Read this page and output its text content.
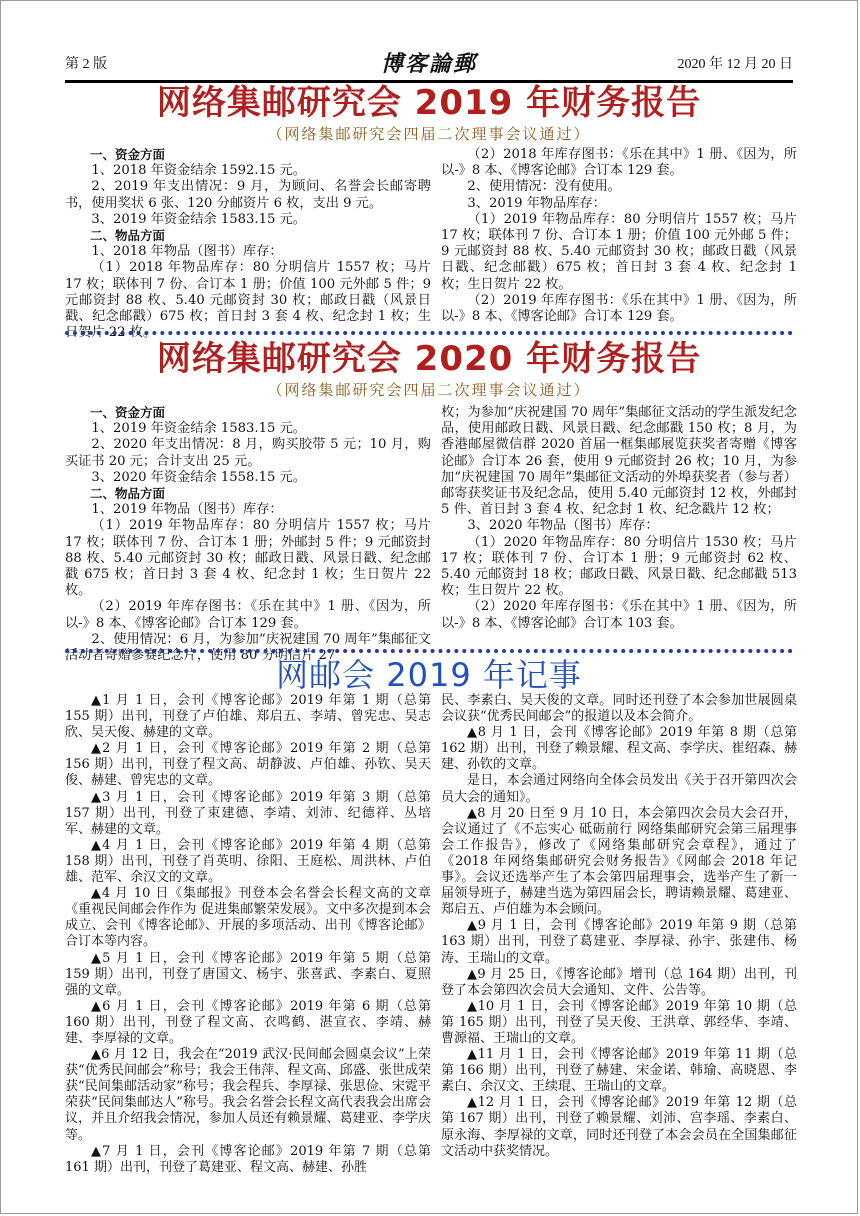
第 2 版	博客論郵	2020 年 12 月 20 日
网络集邮研究会 2019 年财务报告
（网络集邮研究会四届二次理事会议通过）

一、资金方面

1、2018 年资金结余 1592.15 元。

2、2019 年支出情况：9 月，为顾问、名誉会长邮寄聘书，使用奖状 6 张、120 分邮资片 6 枚，支出 9 元。

3、2019 年资金结余 1583.15 元。

二、物品方面

1、2018 年物品（图书）库存：

（1）2018 年物品库存：80 分明信片 1557 枚；马片 17 枚；联体刊 7 份、合订本 1 册；价值 100 元外邮 5 件；9 元邮资封 88 枚、5.40 元邮资封 30 枚；邮政日戳（风景日戳、纪念邮戳）675 枚；首日封 3 套 4 枚、纪念封 1 枚；生日贺片 22 枚。

（2）2018 年库存图书：《乐在其中》1 册、《因为，所以-》8 本、《博客论邮》合订本 129 套。

2、使用情况：没有使用。

3、2019 年物品库存：

（1）2019 年物品库存：80 分明信片 1557 枚；马片 17 枚；联体刊 7 份、合订本 1 册；价值 100 元外邮 5 件；9 元邮资封 88 枚、5.40 元邮资封 30 枚；邮政日戳（风景日戳、纪念邮戳）675 枚；首日封 3 套 4 枚、纪念封 1 枚；生日贺片 22 枚。

（2）2019 年库存图书：《乐在其中》1 册、《因为，所以-》8 本、《博客论邮》合订本 129 套。

网络集邮研究会 2020 年财务报告
（网络集邮研究会四届二次理事会议通过）

一、资金方面

1、2019 年资金结余 1583.15 元。

2、2020 年支出情况：8 月，购买胶带 5 元；10 月，购买证书 20 元；合计支出 25 元。

3、2020 年资金结余 1558.15 元。

二、物品方面

1、2019 年物品（图书）库存：

（1）2019 年物品库存：80 分明信片 1557 枚；马片 17 枚；联体刊 7 份、合订本 1 册；外邮封 5 件；9 元邮资封 88 枚、5.40 元邮资封 30 枚；邮政日戳、风景日戳、纪念邮戳 675 枚；首日封 3 套 4 枚、纪念封 1 枚；生日贺片 22 枚。

（2）2019 年库存图书：《乐在其中》1 册、《因为，所以-》8 本、《博客论邮》合订本 129 套。

2、使用情况：6 月，为参加“庆祝建国 70 周年”集邮征文活动者寄赠参赛纪念片，使用 80 分明信片 27

枚；为参加“庆祝建国 70 周年”集邮征文活动的学生派发纪念品，使用邮政日戳、风景日戳、纪念邮戳 150 枚；8 月，为香港邮屋微信群 2020 首届一框集邮展览获奖者寄赠《博客论邮》合订本 26 套，使用 9 元邮资封 26 枚；10 月，为参加“庆祝建国 70 周年”集邮征文活动的外埠获奖者（参与者）邮寄获奖证书及纪念品，使用 5.40 元邮资封 12 枚，外邮封 5 件、首日封 3 套 4 枚、纪念封 1 枚、纪念戳片 12 枚；

3、2020 年物品（图书）库存：

（1）2020 年物品库存：80 分明信片 1530 枚；马片 17 枚；联体刊 7 份、合订本 1 册；9 元邮资封 62 枚、5.40 元邮资封 18 枚；邮政日戳、风景日戳、纪念邮戳 513 枚；生日贺片 22 枚。

（2）2020 年库存图书：《乐在其中》1 册、《因为，所以-》8 本、《博客论邮》合订本 103 套。

网邮会 2019 年记事

▲1 月 1 日，会刊《博客论邮》2019 年第 1 期（总第 155 期）出刊，刊登了卢伯雄、郑启五、李靖、曾宪忠、吴志欣、吴天俊、赫建的文章。

▲2 月 1 日，会刊《博客论邮》2019 年第 2 期（总第 156 期）出刊，刊登了程文高、胡静波、卢伯雄、孙钦、吴天俊、赫建、曾宪忠的文章。

▲3 月 1 日，会刊《博客论邮》2019 年第 3 期（总第 157 期）出刊，刊登了束建德、李靖、刘沛、纪德祥、丛培军、赫建的文章。

▲4 月 1 日，会刊《博客论邮》2019 年第 4 期（总第 158 期）出刊，刊登了肖英明、徐阳、王庭松、周洪林、卢伯雄、范军、余汉文的文章。

▲4 月 10 日《集邮报》刊登本会名誉会长程文高的文章《重视民间邮会作作为 促进集邮繁荣发展》。文中多次提到本会成立、会刊《博客论邮》、开展的多项活动、出刊《博客论邮》合订本等内容。

▲5 月 1 日，会刊《博客论邮》2019 年第 5 期（总第 159 期）出刊，刊登了唐国文、杨宇、张喜武、李素白、夏照强的文章。

▲6 月 1 日，会刊《博客论邮》2019 年第 6 期（总第 160 期）出刊，刊登了程文高、衣鸣鹤、湛宣衣、李靖、赫建、李厚禄的文章。

▲6 月 12 日，我会在“2019 武汉·民间邮会圆桌会议”上荣获“优秀民间邮会”称号；我会王伟萍、程文高、邱盛、张世成荣获“民间集邮活动家”称号；我会程兵、李厚禄、张思俭、宋霓平荣获“民间集邮达人”称号。我会名誉会长程文高代表我会出席会议，并且介绍我会情况，参加人员还有赖景耀、葛建亚、李学庆等。

▲7 月 1 日，会刊《博客论邮》2019 年第 7 期（总第 161 期）出刊，刊登了葛建亚、程文高、赫建、孙胜

民、李素白、吴天俊的文章。同时还刊登了本会参加世展圆桌会议获“优秀民间邮会”的报道以及本会简介。

▲8 月 1 日，会刊《博客论邮》2019 年第 8 期（总第 162 期）出刊，刊登了赖景耀、程文高、李学庆、崔绍森、赫建、孙钦的文章。

是日，本会通过网络向全体会员发出《关于召开第四次会员大会的通知》。

▲8 月 20 日至 9 月 10 日，本会第四次会员大会召开，会议通过了《不忘实心 砥砺前行 网络集邮研究会第三届理事会工作报告》，修改了《网络集邮研究会章程》，通过了《2018 年网络集邮研究会财务报告》《网邮会 2018 年记事》。会议还选举产生了本会第四届理事会，选举产生了新一届领导班子，赫建当选为第四届会长，聘请赖景耀、葛建亚、郑启五、卢伯雄为本会顾问。

▲9 月 1 日，会刊《博客论邮》2019 年第 9 期（总第 163 期）出刊，刊登了葛建亚、李厚禄、孙宇、张建伟、杨涛、王瑞山的文章。

▲9 月 25 日，《博客论邮》增刊（总 164 期）出刊，刊登了本会第四次会员大会通知、文件、公告等。

▲10 月 1 日，会刊《博客论邮》2019 年第 10 期（总第 165 期）出刊，刊登了吴天俊、王洪章、郭经华、李靖、曹源福、王瑞山的文章。

▲11 月 1 日，会刊《博客论邮》2019 年第 11 期（总第 166 期）出刊，刊登了赫建、宋金诺、韩瑜、高晓恩、李素白、余汉文、王续琨、王瑞山的文章。

▲12 月 1 日，会刊《博客论邮》2019 年第 12 期（总第 167 期）出刊，刊登了赖景耀、刘沛、宫李瑶、李素白、原永海、李厚禄的文章，同时还刊登了本会会员在全国集邮征文活动中获奖情况。
